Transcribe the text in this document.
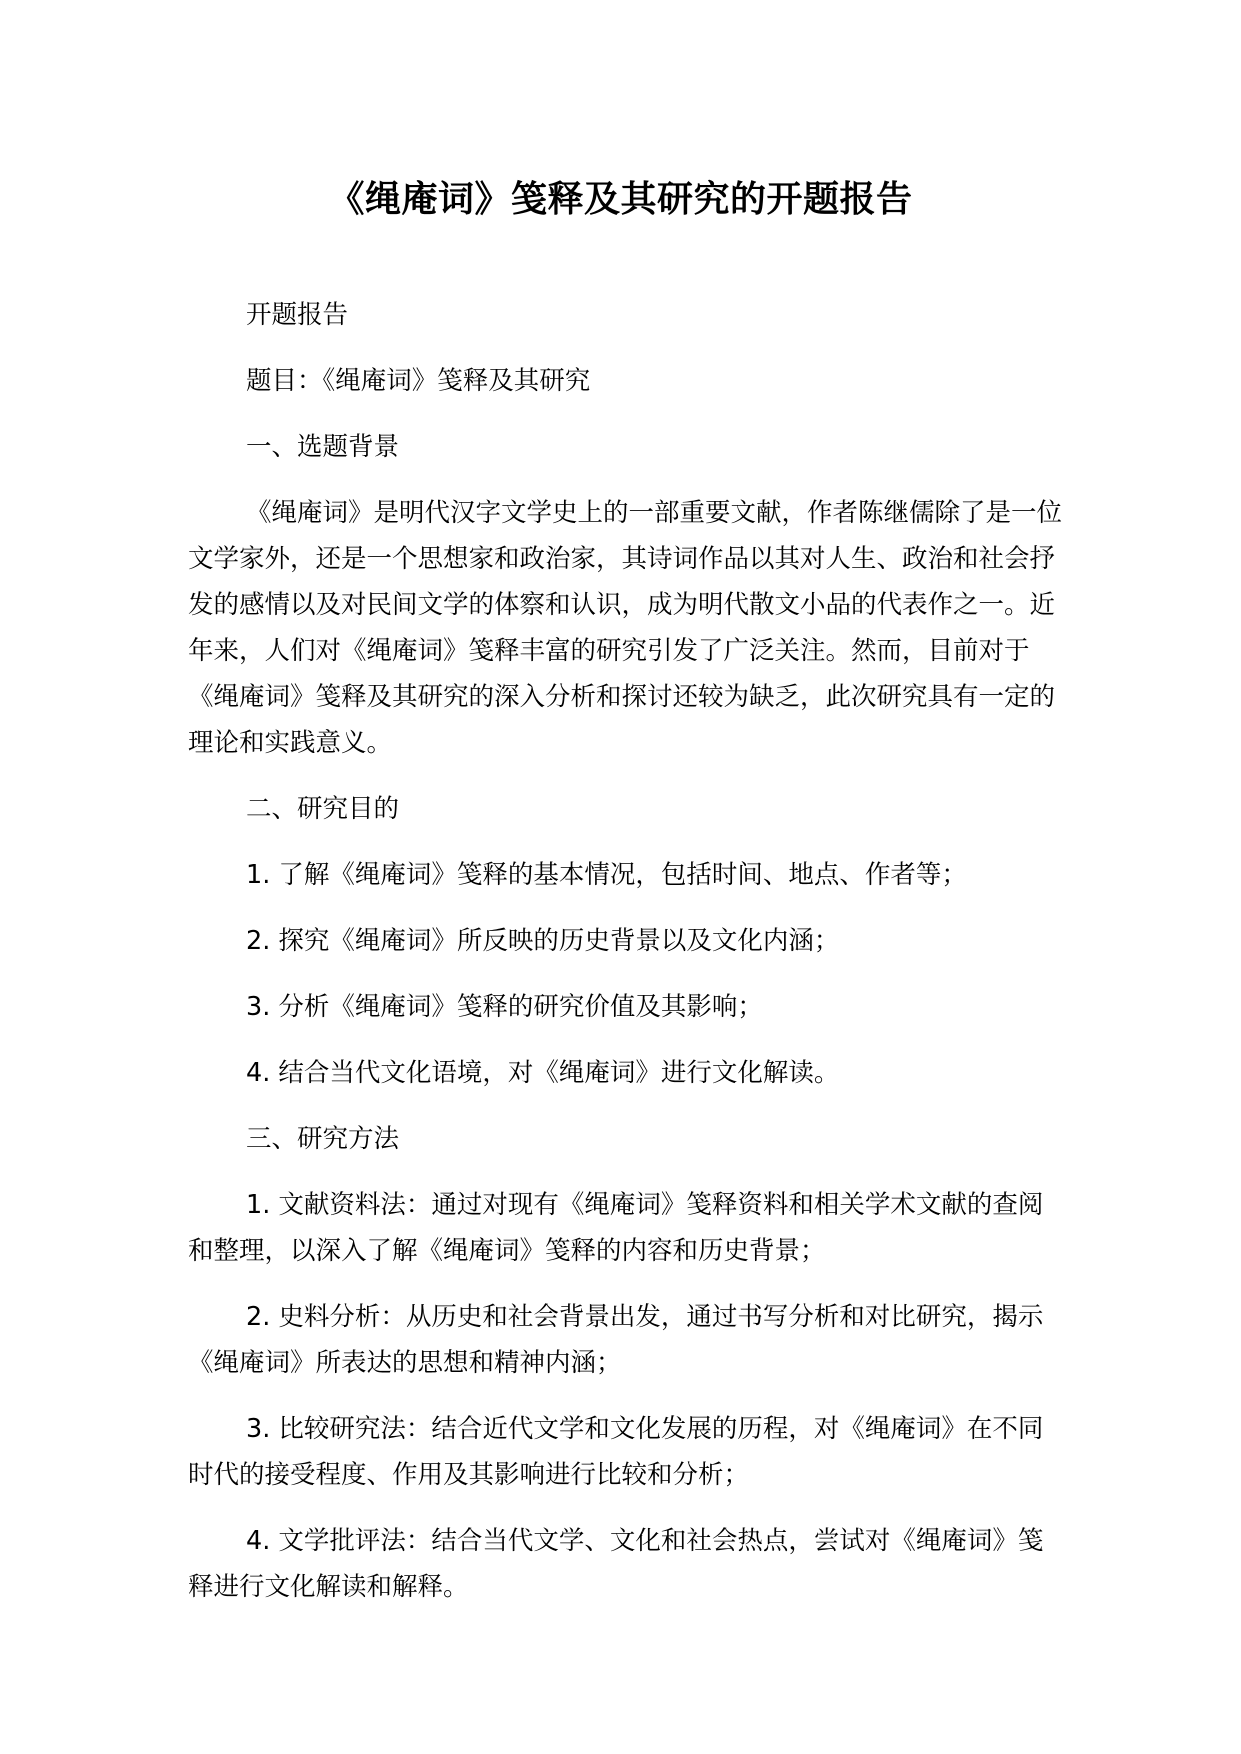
《绳庵词》笺释及其研究的开题报告

开题报告

题目：《绳庵词》笺释及其研究

一、选题背景

《绳庵词》是明代汉字文学史上的一部重要文献，作者陈继儒除了是一位文学家外，还是一个思想家和政治家，其诗词作品以其对人生、政治和社会抒发的感情以及对民间文学的体察和认识，成为明代散文小品的代表作之一。近年来，人们对《绳庵词》笺释丰富的研究引发了广泛关注。然而，目前对于《绳庵词》笺释及其研究的深入分析和探讨还较为缺乏，此次研究具有一定的理论和实践意义。

二、研究目的

1. 了解《绳庵词》笺释的基本情况，包括时间、地点、作者等；

2. 探究《绳庵词》所反映的历史背景以及文化内涵；

3. 分析《绳庵词》笺释的研究价值及其影响；

4. 结合当代文化语境，对《绳庵词》进行文化解读。

三、研究方法

1. 文献资料法：通过对现有《绳庵词》笺释资料和相关学术文献的查阅和整理，以深入了解《绳庵词》笺释的内容和历史背景；

2. 史料分析：从历史和社会背景出发，通过书写分析和对比研究，揭示《绳庵词》所表达的思想和精神内涵；

3. 比较研究法：结合近代文学和文化发展的历程，对《绳庵词》在不同时代的接受程度、作用及其影响进行比较和分析；

4. 文学批评法：结合当代文学、文化和社会热点，尝试对《绳庵词》笺释进行文化解读和解释。
